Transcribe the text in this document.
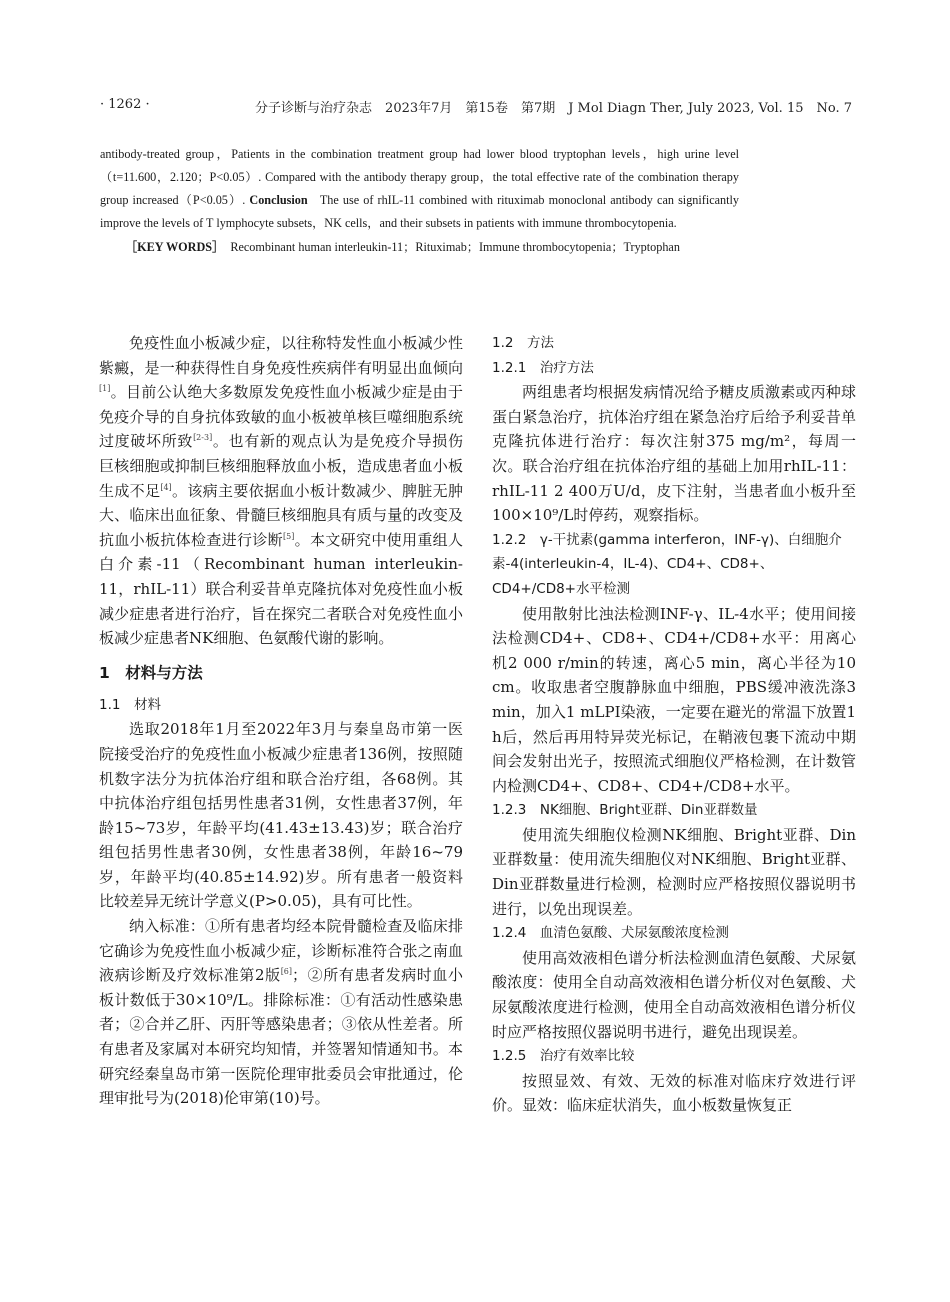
· 1262 ·	分子诊断与治疗杂志　2023年7月　第15卷　第7期　J Mol Diagn Ther, July 2023, Vol. 15　No. 7

antibody-treated group，Patients in the combination treatment group had lower blood tryptophan levels，high urine level（t=11.600，2.120；P<0.05）. Compared with the antibody therapy group，the total effective rate of the combination therapy group increased（P<0.05）. Conclusion The use of rhIL-11 combined with rituximab monoclonal antibody can significantly improve the levels of T lymphocyte subsets，NK cells，and their subsets in patients with immune thrombocytopenia.

［KEY WORDS］ Recombinant human interleukin-11；Rituximab；Immune thrombocytopenia；Tryptophan

免疫性血小板减少症，以往称特发性血小板减少性紫癜，是一种获得性自身免疫性疾病伴有明显出血倾向[1]。目前公认绝大多数原发免疫性血小板减少症是由于免疫介导的自身抗体致敏的血小板被单核巨噬细胞系统过度破坏所致[2-3]。也有新的观点认为是免疫介导损伤巨核细胞或抑制巨核细胞释放血小板，造成患者血小板生成不足[4]。该病主要依据血小板计数减少、脾脏无肿大、临床出血征象、骨髓巨核细胞具有质与量的改变及抗血小板抗体检查进行诊断[5]。本文研究中使用重组人白介素-11（Recombinant human interleukin-11，rhIL-11）联合利妥昔单克隆抗体对免疫性血小板减少症患者进行治疗，旨在探究二者联合对免疫性血小板减少症患者NK细胞、色氨酸代谢的影响。

1　材料与方法
1.1　材料

选取2018年1月至2022年3月与秦皇岛市第一医院接受治疗的免疫性血小板减少症患者136例，按照随机数字法分为抗体治疗组和联合治疗组，各68例。其中抗体治疗组包括男性患者31例，女性患者37例，年龄15~73岁，年龄平均(41.43±13.43)岁；联合治疗组包括男性患者30例，女性患者38例，年龄16~79岁，年龄平均(40.85±14.92)岁。所有患者一般资料比较差异无统计学意义(P>0.05)，具有可比性。

纳入标准：①所有患者均经本院骨髓检查及临床排它确诊为免疫性血小板减少症，诊断标准符合张之南血液病诊断及疗效标准第2版[6]；②所有患者发病时血小板计数低于30×10⁹/L。排除标准：①有活动性感染患者；②合并乙肝、丙肝等感染患者；③依从性差者。所有患者及家属对本研究均知情，并签署知情通知书。本研究经秦皇岛市第一医院伦理审批委员会审批通过，伦理审批号为(2018)伦审第(10)号。

1.2　方法
1.2.1　治疗方法

两组患者均根据发病情况给予糖皮质激素或丙种球蛋白紧急治疗，抗体治疗组在紧急治疗后给予利妥昔单克隆抗体进行治疗：每次注射375 mg/m²，每周一次。联合治疗组在抗体治疗组的基础上加用rhIL-11：rhIL-11 2 400万U/d，皮下注射，当患者血小板升至100×10⁹/L时停药，观察指标。

1.2.2　γ-干扰素(gamma interferon，INF-γ)、白细胞介素-4(interleukin-4，IL-4)、CD4+、CD8+、CD4+/CD8+水平检测

使用散射比浊法检测INF-γ、IL-4水平；使用间接法检测CD4+、CD8+、CD4+/CD8+水平：用离心机2 000 r/min的转速，离心5 min，离心半径为10 cm。收取患者空腹静脉血中细胞，PBS缓冲液洗涤3 min，加入1 mLPI染液，一定要在避光的常温下放置1 h后，然后再用特异荧光标记，在鞘液包裹下流动中期间会发射出光子，按照流式细胞仪严格检测，在计数管内检测CD4+、CD8+、CD4+/CD8+水平。

1.2.3　NK细胞、Bright亚群、Din亚群数量

使用流失细胞仪检测NK细胞、Bright亚群、Din亚群数量：使用流失细胞仪对NK细胞、Bright亚群、Din亚群数量进行检测，检测时应严格按照仪器说明书进行，以免出现误差。

1.2.4　血清色氨酸、犬尿氨酸浓度检测

使用高效液相色谱分析法检测血清色氨酸、犬尿氨酸浓度：使用全自动高效液相色谱分析仪对色氨酸、犬尿氨酸浓度进行检测，使用全自动高效液相色谱分析仪时应严格按照仪器说明书进行，避免出现误差。

1.2.5　治疗有效率比较

按照显效、有效、无效的标准对临床疗效进行评价。显效：临床症状消失，血小板数量恢复正
